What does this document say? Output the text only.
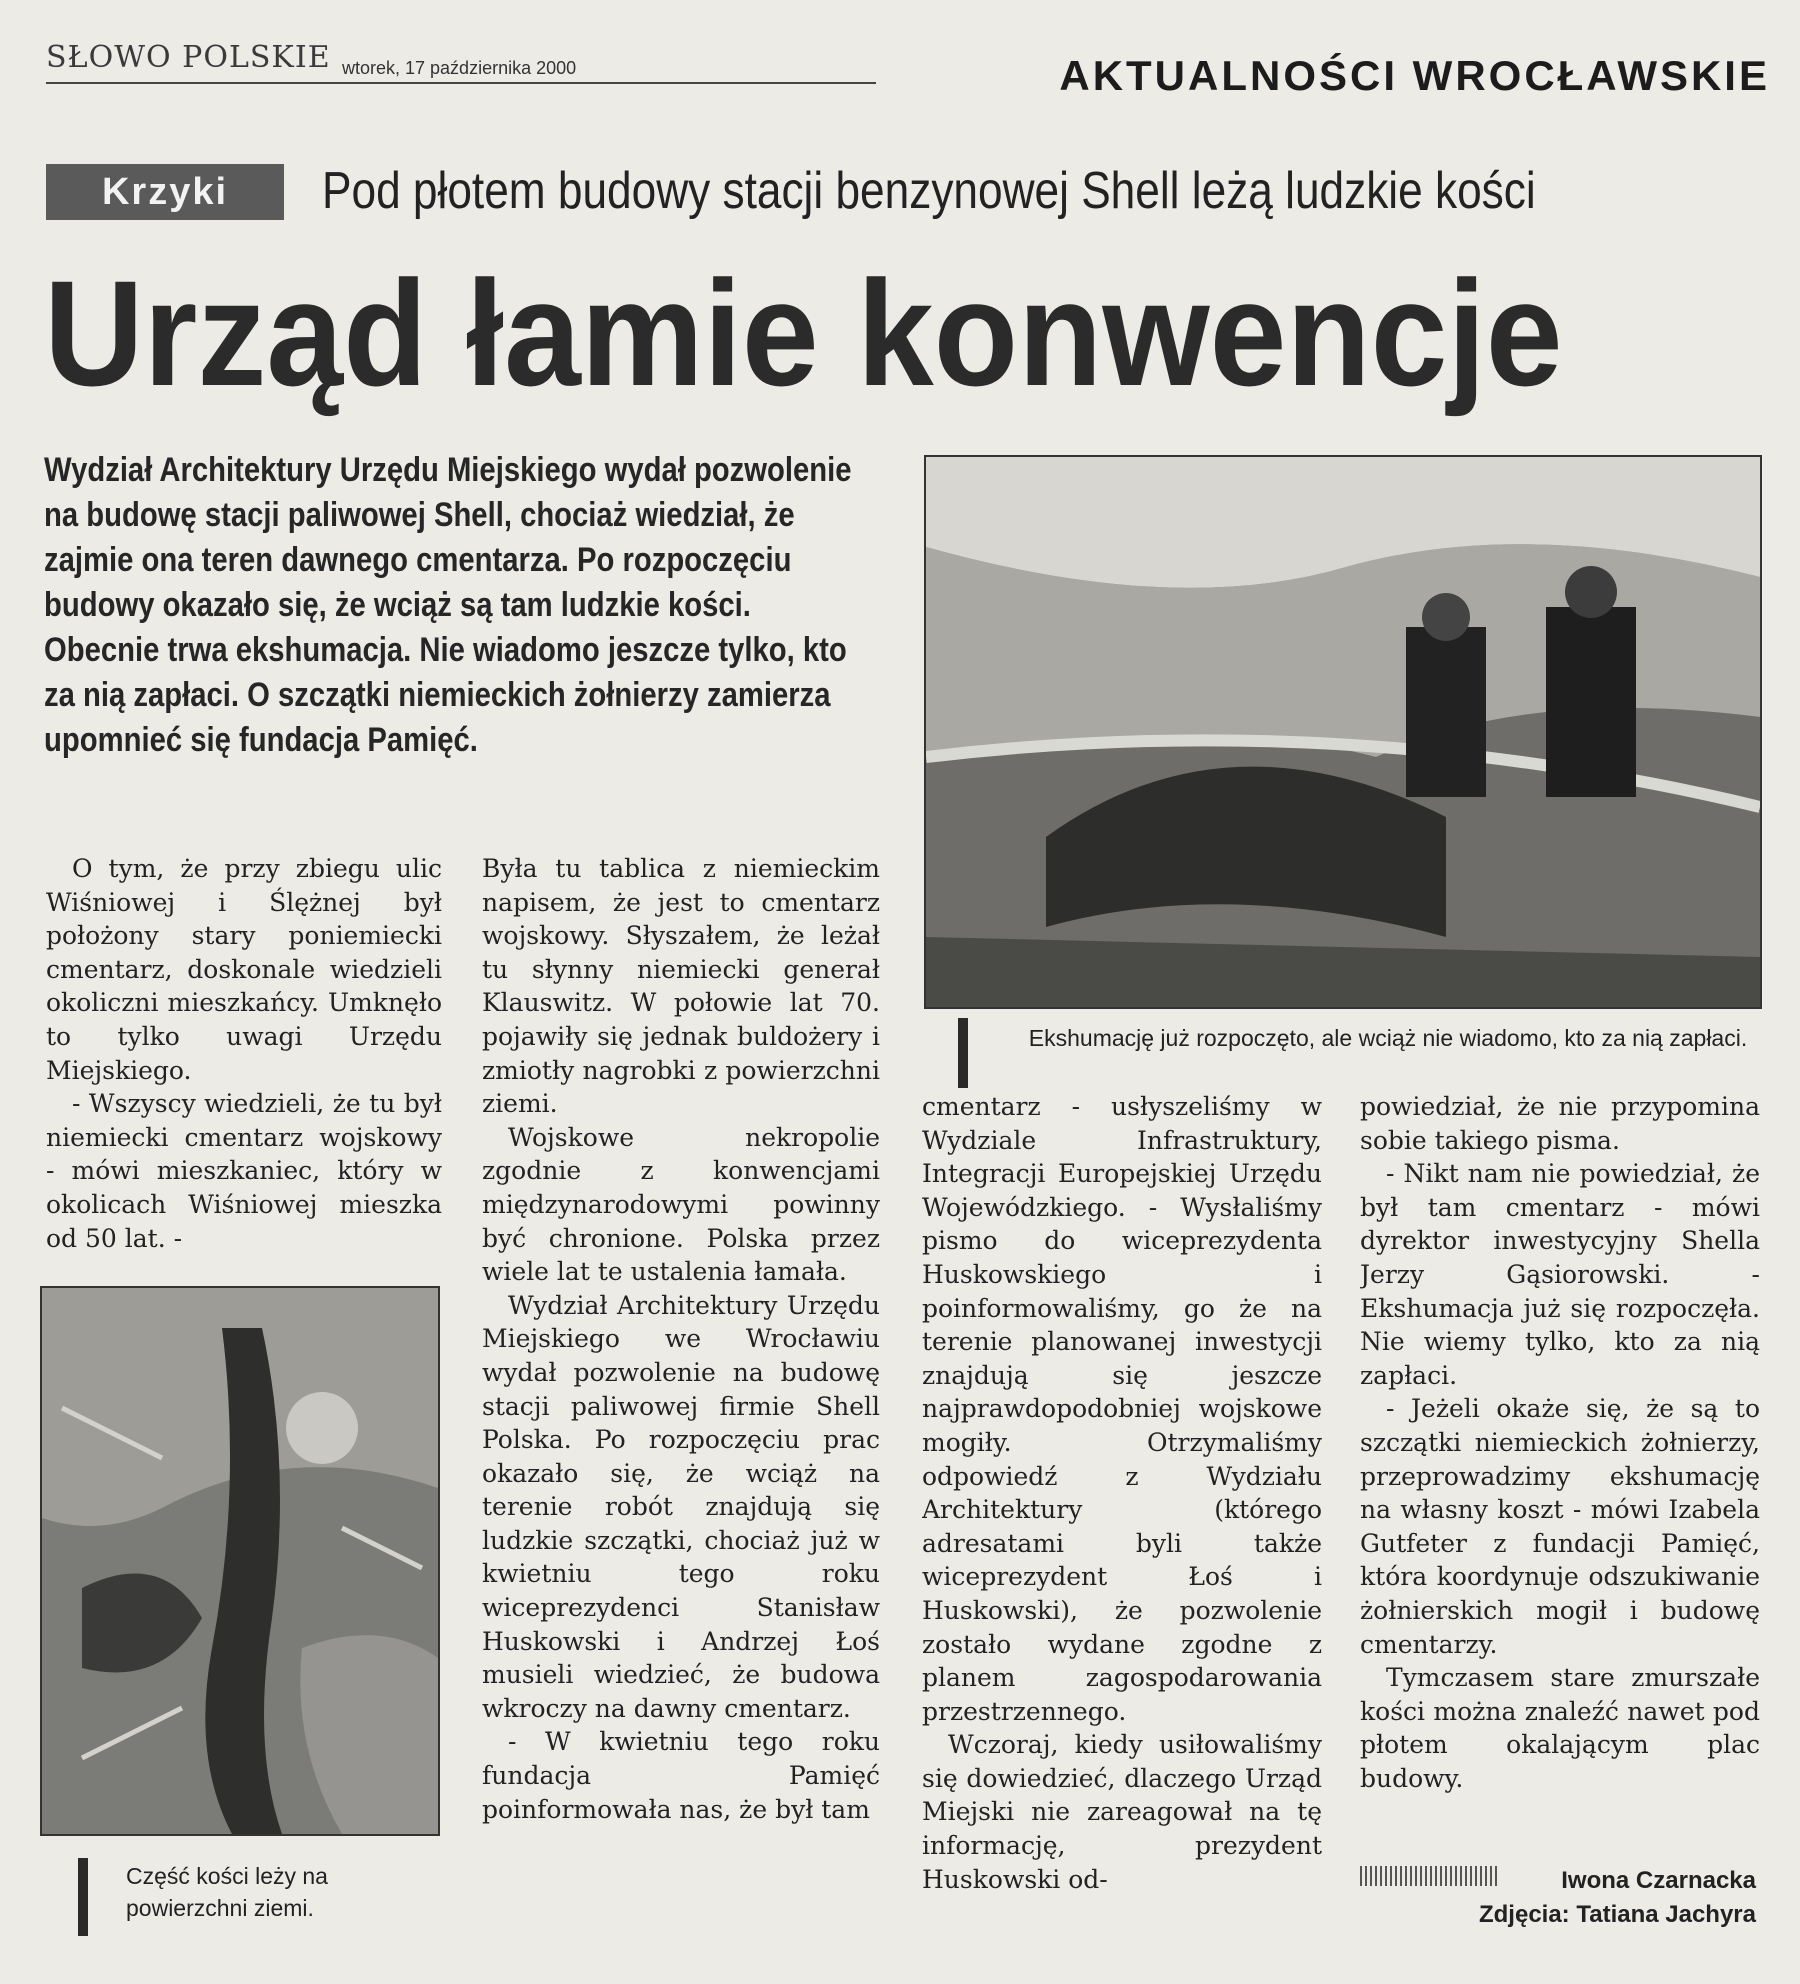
SŁOWO POLSKIE wtorek, 17 października 2000	AKTUALNOŚCI WROCŁAWSKIE
Krzyki	Pod płotem budowy stacji benzynowej Shell leżą ludzkie kości
Urząd łamie konwencje
Wydział Architektury Urzędu Miejskiego wydał pozwolenie na budowę stacji paliwowej Shell, chociaż wiedział, że zajmie ona teren dawnego cmentarza. Po rozpoczęciu budowy okazało się, że wciąż są tam ludzkie kości. Obecnie trwa ekshumacja. Nie wiadomo jeszcze tylko, kto za nią zapłaci. O szczątki niemieckich żołnierzy zamierza upomnieć się fundacja Pamięć.
Ekshumację już rozpoczęto, ale wciąż nie wiadomo, kto za nią zapłaci.
Część kości leży na powierzchni ziemi.

O tym, że przy zbiegu ulic Wiśniowej i Ślężnej był położony stary poniemiecki cmentarz, doskonale wiedzieli okoliczni mieszkańcy. Umknęło to tylko uwagi Urzędu Miejskiego.

- Wszyscy wiedzieli, że tu był niemiecki cmentarz wojskowy - mówi mieszkaniec, który w okolicach Wiśniowej mieszka od 50 lat. -

Była tu tablica z niemieckim napisem, że jest to cmentarz wojskowy. Słyszałem, że leżał tu słynny niemiecki generał Klauswitz. W połowie lat 70. pojawiły się jednak buldożery i zmiotły nagrobki z powierzchni ziemi.

Wojskowe nekropolie zgodnie z konwencjami międzynarodowymi powinny być chronione. Polska przez wiele lat te ustalenia łamała.

Wydział Architektury Urzędu Miejskiego we Wrocławiu wydał pozwolenie na budowę stacji paliwowej firmie Shell Polska. Po rozpoczęciu prac okazało się, że wciąż na terenie robót znajdują się ludzkie szczątki, chociaż już w kwietniu tego roku wiceprezydenci Stanisław Huskowski i Andrzej Łoś musieli wiedzieć, że budowa wkroczy na dawny cmentarz.

- W kwietniu tego roku fundacja Pamięć poinformowała nas, że był tam

cmentarz - usłyszeliśmy w Wydziale Infrastruktury, Integracji Europejskiej Urzędu Wojewódzkiego. - Wysłaliśmy pismo do wiceprezydenta Huskowskiego i poinformowaliśmy, go że na terenie planowanej inwestycji znajdują się jeszcze najprawdopodobniej wojskowe mogiły. Otrzymaliśmy odpowiedź z Wydziału Architektury (którego adresatami byli także wiceprezydent Łoś i Huskowski), że pozwolenie zostało wydane zgodne z planem zagospodarowania przestrzennego.

Wczoraj, kiedy usiłowaliśmy się dowiedzieć, dlaczego Urząd Miejski nie zareagował na tę informację, prezydent Huskowski od-

powiedział, że nie przypomina sobie takiego pisma.

- Nikt nam nie powiedział, że był tam cmentarz - mówi dyrektor inwestycyjny Shella Jerzy Gąsiorowski. - Ekshumacja już się rozpoczęła. Nie wiemy tylko, kto za nią zapłaci.

- Jeżeli okaże się, że są to szczątki niemieckich żołnierzy, przeprowadzimy ekshumację na własny koszt - mówi Izabela Gutfeter z fundacji Pamięć, która koordynuje odszukiwanie żołnierskich mogił i budowę cmentarzy.

Tymczasem stare zmurszałe kości można znaleźć nawet pod płotem okalającym plac budowy.

Iwona Czarnacka
Zdjęcia: Tatiana Jachyra
